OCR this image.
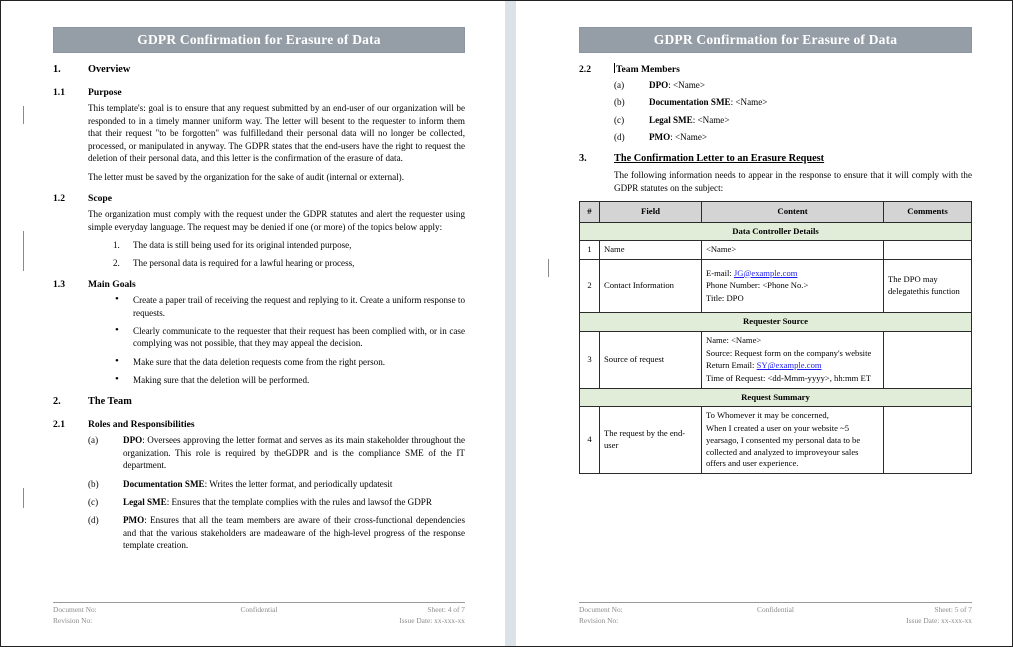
GDPR Confirmation for Erasure of Data
1.	Overview
1.1	Purpose

This template's: goal is to ensure that any request submitted by an end-user of our organization will be responded to in a timely manner uniform way. The letter will besent to the requester to inform them that their request "to be forgotten" was fulfilledand their personal data will no longer be collected, processed, or manipulated in anyway. The GDPR states that the end-users have the right to request the deletion of their personal data, and this letter is the confirmation of the erasure of data.

The letter must be saved by the organization for the sake of audit (internal or external).

1.2	Scope

The organization must comply with the request under the GDPR statutes and alert the requester using simple everyday language. The request may be denied if one (or more) of the topics below apply:

1.	The data is still being used for its original intended purpose,
2.	The personal data is required for a lawful hearing or process,
1.3	Main Goals
•	Create a paper trail of receiving the request and replying to it. Create a uniform response to requests.
•	Clearly communicate to the requester that their request has been complied with, or in case complying was not possible, that they may appeal the decision.
•	Make sure that the data deletion requests come from the right person.
•	Making sure that the deletion will be performed.
2.	The Team
2.1	Roles and Responsibilities
(a)	DPO: Oversees approving the letter format and serves as its main stakeholder throughout the organization. This role is required by theGDPR and is the compliance SME of the IT department.
(b)	Documentation SME: Writes the letter format, and periodically updatesit
(c)	Legal SME: Ensures that the template complies with the rules and lawsof the GDPR
(d)	PMO: Ensures that all the team members are aware of their cross-functional dependencies and that the various stakeholders are madeaware of the high-level progress of the response template creation.
Document No:	Confidential	Sheet: 4 of 7
Revision No:	Issue Date: xx-xxx-xx
GDPR Confirmation for Erasure of Data
2.2	Team Members
(a)	DPO: <Name>
(b)	Documentation SME: <Name>
(c)	Legal SME: <Name>
(d)	PMO: <Name>
3.	The Confirmation Letter to an Erasure Request

The following information needs to appear in the response to ensure that it will comply with the GDPR statutes on the subject:

#	Field	Content	Comments
Data Controller Details			
1	Name	<Name>	

2	Contact Information	E-mail: JG@example.com
Phone Number: <Phone No.>
Title: DPO	The DPO may delegatethis function
Requester Source			
3	Source of request	Name: <Name>
Source: Request form on the company's website
Return Email: SY@example.com
Time of Request: <dd-Mmm-yyyy>, hh:mm ET	

Request Summary			
4	The request by the end-user	To Whomever it may be concerned,
When I created a user on your website ~5 yearsago, I consented my personal data to be collected and analyzed to improveyour sales offers and user experience.	

Document No:	Confidential	Sheet: 5 of 7
Revision No:	Issue Date: xx-xxx-xx
